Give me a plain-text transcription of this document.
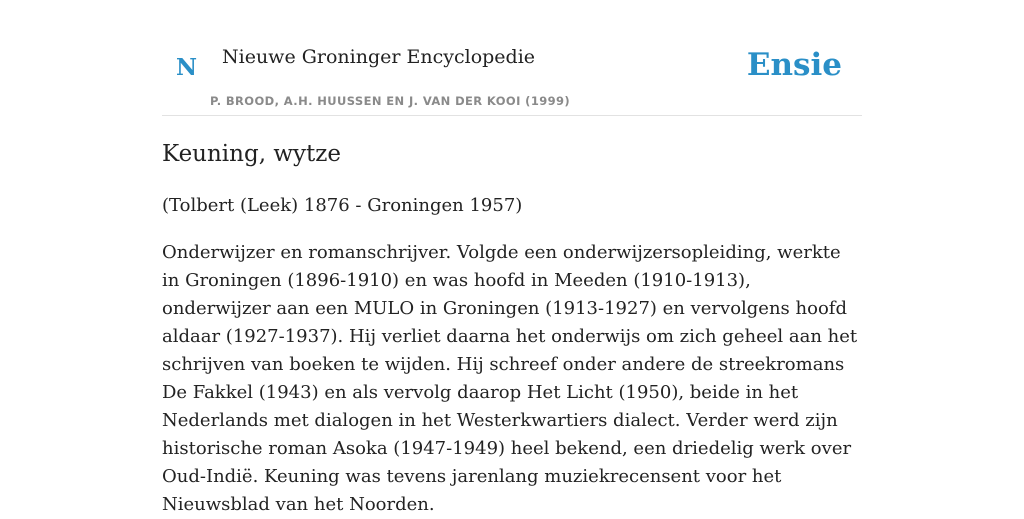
N Nieuwe Groninger Encyclopedie
P. BROOD, A.H. HUUSSEN EN J. VAN DER KOOI (1999)
Ensie
Keuning, wytze

(Tolbert (Leek) 1876 - Groningen 1957)

Onderwijzer en romanschrijver. Volgde een onderwijzersopleiding, werkte in Groningen (1896-1910) en was hoofd in Meeden (1910-1913), onderwijzer aan een MULO in Groningen (1913-1927) en vervolgens hoofd aldaar (1927-1937). Hij verliet daarna het onderwijs om zich geheel aan het schrijven van boeken te wijden. Hij schreef onder andere de streekromans De Fakkel (1943) en als vervolg daarop Het Licht (1950), beide in het Nederlands met dialogen in het Westerkwartiers dialect. Verder werd zijn historische roman Asoka (1947-1949) heel bekend, een driedelig werk over Oud-Indië. Keuning was tevens jarenlang muziekrecensent voor het Nieuwsblad van het Noorden.
